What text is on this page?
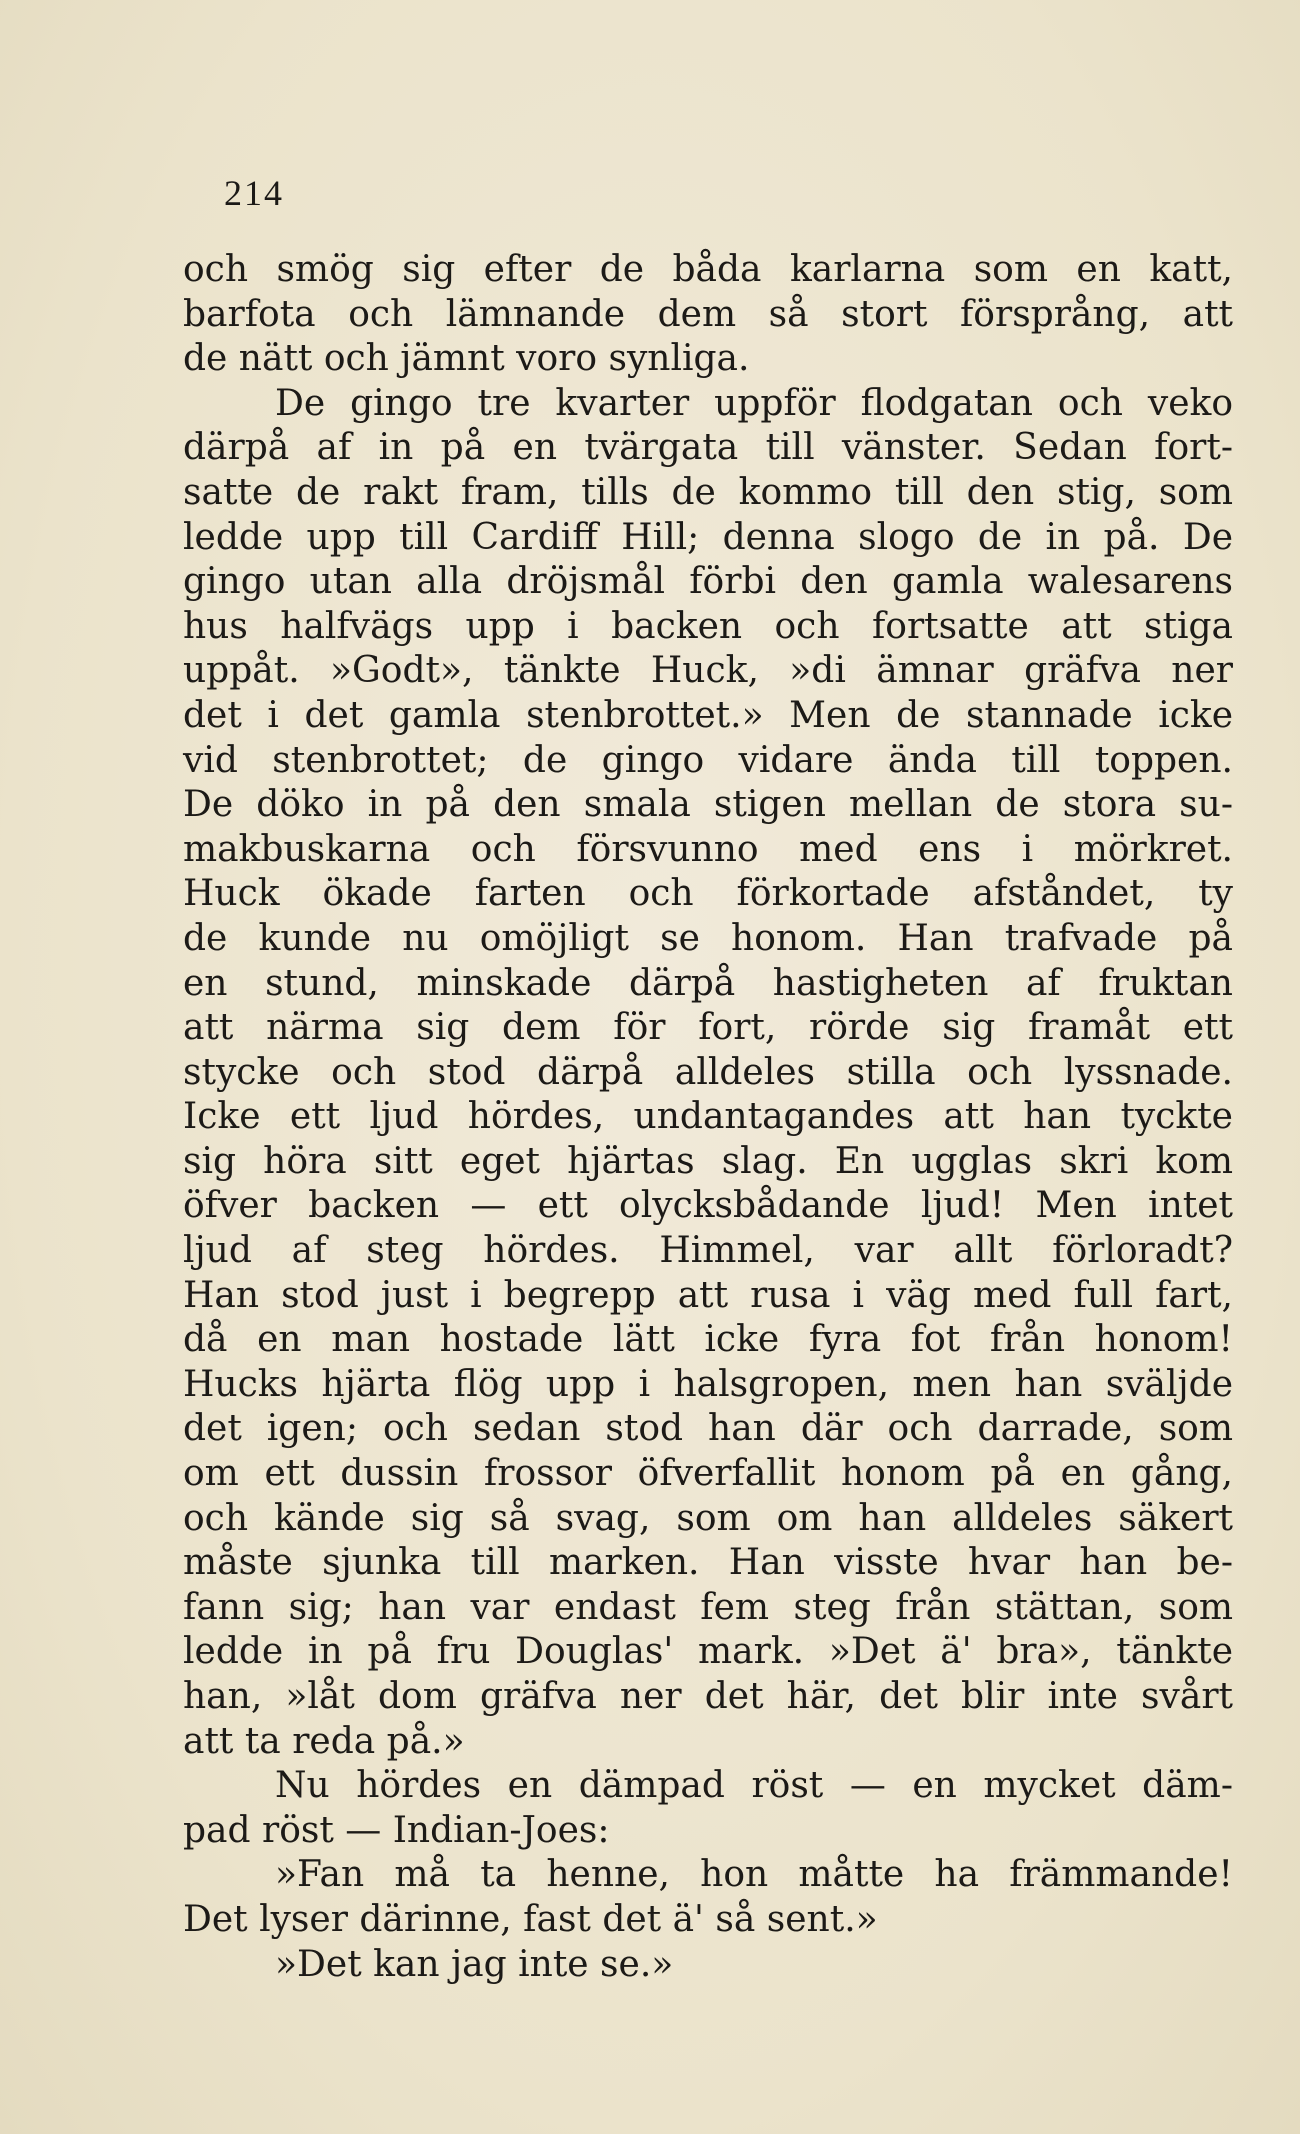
214
och smög sig efter de båda karlarna som en katt,
barfota och lämnande dem så stort försprång, att
de nätt och jämnt voro synliga.
De gingo tre kvarter uppför flodgatan och veko
därpå af in på en tvärgata till vänster. Sedan fort-
satte de rakt fram, tills de kommo till den stig, som
ledde upp till Cardiff Hill; denna slogo de in på. De
gingo utan alla dröjsmål förbi den gamla walesarens
hus halfvägs upp i backen och fortsatte att stiga
uppåt. »Godt», tänkte Huck, »di ämnar gräfva ner
det i det gamla stenbrottet.» Men de stannade icke
vid stenbrottet; de gingo vidare ända till toppen.
De döko in på den smala stigen mellan de stora su-
makbuskarna och försvunno med ens i mörkret.
Huck ökade farten och förkortade afståndet, ty
de kunde nu omöjligt se honom. Han trafvade på
en stund, minskade därpå hastigheten af fruktan
att närma sig dem för fort, rörde sig framåt ett
stycke och stod därpå alldeles stilla och lyssnade.
Icke ett ljud hördes, undantagandes att han tyckte
sig höra sitt eget hjärtas slag. En ugglas skri kom
öfver backen — ett olycksbådande ljud! Men intet
ljud af steg hördes. Himmel, var allt förloradt?
Han stod just i begrepp att rusa i väg med full fart,
då en man hostade lätt icke fyra fot från honom!
Hucks hjärta flög upp i halsgropen, men han sväljde
det igen; och sedan stod han där och darrade, som
om ett dussin frossor öfverfallit honom på en gång,
och kände sig så svag, som om han alldeles säkert
måste sjunka till marken. Han visste hvar han be-
fann sig; han var endast fem steg från stättan, som
ledde in på fru Douglas' mark. »Det ä' bra», tänkte
han, »låt dom gräfva ner det här, det blir inte svårt
att ta reda på.»
Nu hördes en dämpad röst — en mycket däm-
pad röst — Indian-Joes:
»Fan må ta henne, hon måtte ha främmande!
Det lyser därinne, fast det ä' så sent.»
»Det kan jag inte se.»
